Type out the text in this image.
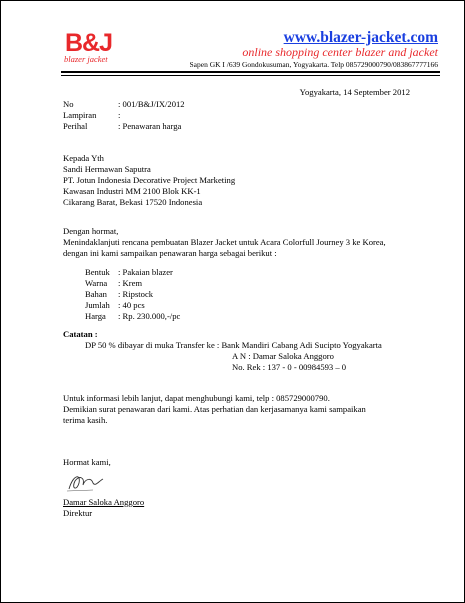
B&J
blazer jacket
www.blazer-jacket.com
online shopping center blazer and jacket
Sapen GK I /639 Gondokusuman, Yogyakarta. Telp 085729000790/083867777166
Yogyakarta, 14 September 2012
No	: 001/B&J/IX/2012
Lampiran	:
Perihal	: Penawaran harga
Kepada Yth
Sandi Hermawan Saputra
PT. Jotun Indonesia Decorative Project Marketing
Kawasan Industri MM 2100 Blok KK-1
Cikarang Barat, Bekasi 17520 Indonesia
Dengan hormat,
Menindaklanjuti rencana pembuatan Blazer Jacket untuk Acara Colorfull Journey 3 ke Korea,
dengan ini kami sampaikan penawaran harga sebagai berikut :
Bentuk : Pakaian blazer
Warna : Krem
Bahan : Ripstock
Jumlah : 40 pcs
Harga : Rp. 230.000,-/pc
Catatan :
DP 50 % dibayar di muka Transfer ke : Bank Mandiri Cabang Adi Sucipto Yogyakarta
A N : Damar Saloka Anggoro
No. Rek : 137 - 0 - 00984593 – 0
Untuk informasi lebih lanjut, dapat menghubungi kami, telp : 085729000790.
Demikian surat penawaran dari kami. Atas perhatian dan kerjasamanya kami sampaikan
terima kasih.
Hormat kami,
Damar Saloka Anggoro
Direktur
